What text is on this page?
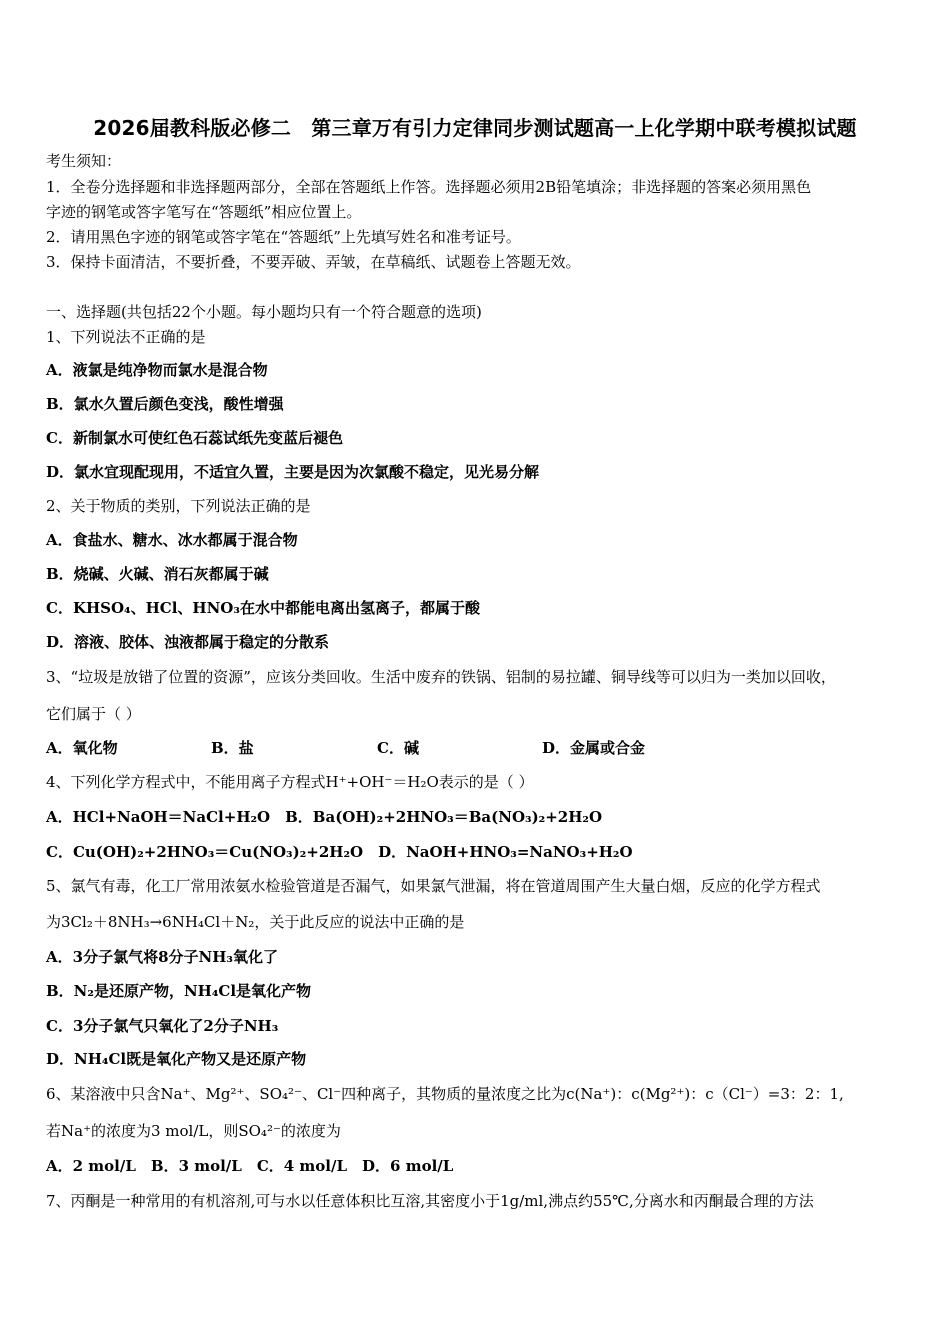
2026届教科版必修二　第三章万有引力定律同步测试题高一上化学期中联考模拟试题
考生须知：
1．全卷分选择题和非选择题两部分，全部在答题纸上作答。选择题必须用2B铅笔填涂；非选择题的答案必须用黑色
字迹的钢笔或答字笔写在“答题纸”相应位置上。
2．请用黑色字迹的钢笔或答字笔在“答题纸”上先填写姓名和准考证号。
3．保持卡面清洁，不要折叠，不要弄破、弄皱，在草稿纸、试题卷上答题无效。
一、选择题(共包括22个小题。每小题均只有一个符合题意的选项)
1、下列说法不正确的是
A．液氯是纯净物而氯水是混合物
B．氯水久置后颜色变浅，酸性增强
C．新制氯水可使红色石蕊试纸先变蓝后褪色
D．氯水宜现配现用，不适宜久置，主要是因为次氯酸不稳定，见光易分解
2、关于物质的类别，下列说法正确的是
A．食盐水、糖水、冰水都属于混合物
B．烧碱、火碱、消石灰都属于碱
C．KHSO₄、HCl、HNO₃在水中都能电离出氢离子，都属于酸
D．溶液、胶体、浊液都属于稳定的分散系
3、“垃圾是放错了位置的资源”，应该分类回收。生活中废弃的铁锅、铝制的易拉罐、铜导线等可以归为一类加以回收，
它们属于（ ）
A．氧化物	B．盐	C．碱	D．金属或合金
4、下列化学方程式中，不能用离子方程式H⁺+OH⁻＝H₂O表示的是（ ）
A．HCl+NaOH＝NaCl+H₂O　B．Ba(OH)₂+2HNO₃＝Ba(NO₃)₂+2H₂O
C．Cu(OH)₂+2HNO₃＝Cu(NO₃)₂+2H₂O　D．NaOH+HNO₃=NaNO₃+H₂O
5、氯气有毒，化工厂常用浓氨水检验管道是否漏气，如果氯气泄漏，将在管道周围产生大量白烟，反应的化学方程式
为3Cl₂＋8NH₃→6NH₄Cl＋N₂，关于此反应的说法中正确的是
A．3分子氯气将8分子NH₃氧化了
B．N₂是还原产物，NH₄Cl是氧化产物
C．3分子氯气只氧化了2分子NH₃
D．NH₄Cl既是氧化产物又是还原产物
6、某溶液中只含Na⁺、Mg²⁺、SO₄²⁻、Cl⁻四种离子，其物质的量浓度之比为c(Na⁺)：c(Mg²⁺)：c（Cl⁻）=3：2：1,
若Na⁺的浓度为3 mol/L，则SO₄²⁻的浓度为
A．2 mol/L　B．3 mol/L　C．4 mol/L　D．6 mol/L
7、丙酮是一种常用的有机溶剂,可与水以任意体积比互溶,其密度小于1g/ml,沸点约55℃,分离水和丙酮最合理的方法
